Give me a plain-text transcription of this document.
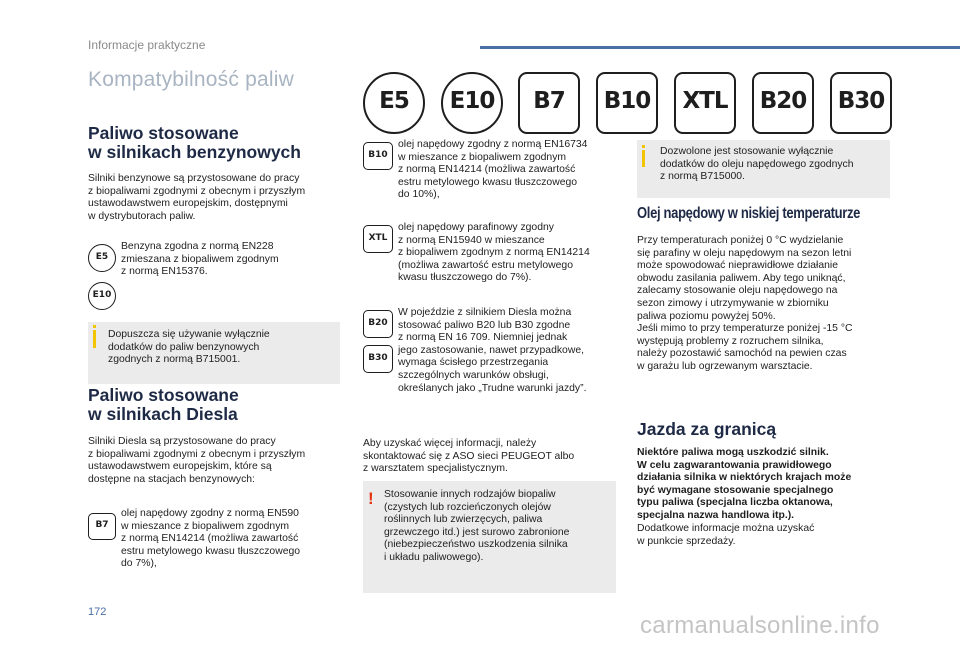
Informacje praktyczne
Kompatybilność paliw
E5	E10	B7	B10	XTL	B20	B30
Paliwo stosowane
w silnikach benzynowych
Silniki benzynowe są przystosowane do pracy
z biopaliwami zgodnymi z obecnym i przyszłym
ustawodawstwem europejskim, dostępnymi
w dystrybutorach paliw.
E5
E10
Benzyna zgodna z normą EN228
zmieszana z biopaliwem zgodnym
z normą EN15376.
Dopuszcza się używanie wyłącznie
dodatków do paliw benzynowych
zgodnych z normą B715001.
Paliwo stosowane
w silnikach Diesla
Silniki Diesla są przystosowane do pracy
z biopaliwami zgodnymi z obecnym i przyszłym
ustawodawstwem europejskim, które są
dostępne na stacjach benzynowych:
B7
olej napędowy zgodny z normą EN590
w mieszance z biopaliwem zgodnym
z normą EN14214 (możliwa zawartość
estru metylowego kwasu tłuszczowego
do 7%),
B10
olej napędowy zgodny z normą EN16734
w mieszance z biopaliwem zgodnym
z normą EN14214 (możliwa zawartość
estru metylowego kwasu tłuszczowego
do 10%),
XTL
olej napędowy parafinowy zgodny
z normą EN15940 w mieszance
z biopaliwem zgodnym z normą EN14214
(możliwa zawartość estru metylowego
kwasu tłuszczowego do 7%).
B20
B30
W pojeździe z silnikiem Diesla można
stosować paliwo B20 lub B30 zgodne
z normą EN 16 709. Niemniej jednak
jego zastosowanie, nawet przypadkowe,
wymaga ścisłego przestrzegania
szczególnych warunków obsługi,
określanych jako „Trudne warunki jazdy”.
Aby uzyskać więcej informacji, należy
skontaktować się z ASO sieci PEUGEOT albo
z warsztatem specjalistycznym.
! Stosowanie innych rodzajów biopaliw
(czystych lub rozcieńczonych olejów
roślinnych lub zwierzęcych, paliwa
grzewczego itd.) jest surowo zabronione
(niebezpieczeństwo uszkodzenia silnika
i układu paliwowego).
Dozwolone jest stosowanie wyłącznie
dodatków do oleju napędowego zgodnych
z normą B715000.
Olej napędowy w niskiej temperaturze
Przy temperaturach poniżej 0 °C wydzielanie
się parafiny w oleju napędowym na sezon letni
może spowodować nieprawidłowe działanie
obwodu zasilania paliwem. Aby tego uniknąć,
zalecamy stosowanie oleju napędowego na
sezon zimowy i utrzymywanie w zbiorniku
paliwa poziomu powyżej 50%.
Jeśli mimo to przy temperaturze poniżej -15 °C
występują problemy z rozruchem silnika,
należy pozostawić samochód na pewien czas
w garażu lub ogrzewanym warsztacie.
Jazda za granicą
Niektóre paliwa mogą uszkodzić silnik.
W celu zagwarantowania prawidłowego
działania silnika w niektórych krajach może
być wymagane stosowanie specjalnego
typu paliwa (specjalna liczba oktanowa,
specjalna nazwa handlowa itp.).
Dodatkowe informacje można uzyskać
w punkcie sprzedaży.
172	carmanualsonline.info
